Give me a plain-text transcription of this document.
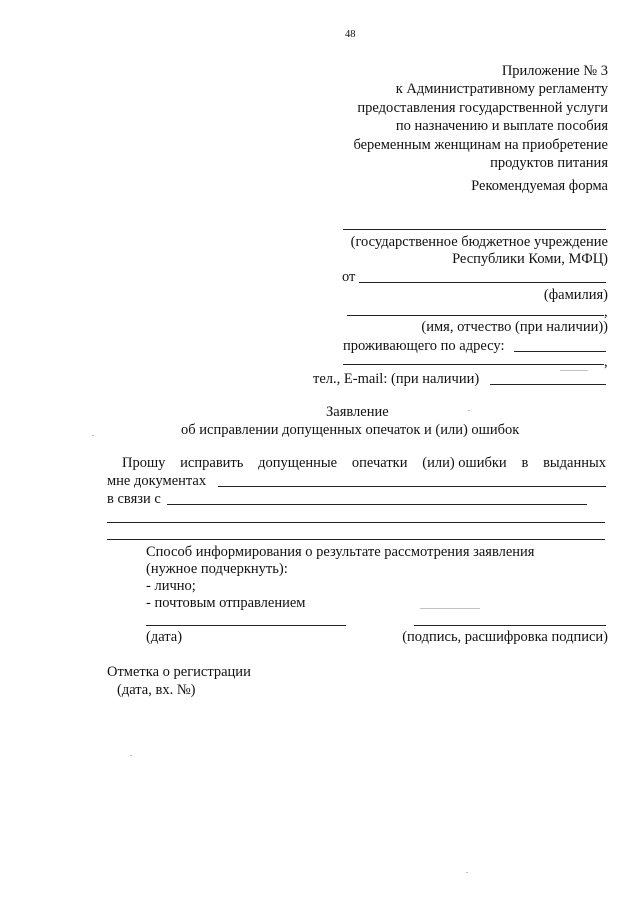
48
Приложение № 3
к Административному регламенту
предоставления государственной услуги
по назначению и выплате пособия
беременным женщинам на приобретение
продуктов питания
Рекомендуемая форма
(государственное бюджетное учреждение
Республики Коми, МФЦ)
от
(фамилия)
,
(имя, отчество (при наличии))
проживающего по адресу:
,
тел., E-mail: (при наличии)
Заявление
об исправлении допущенных опечаток и (или) ошибок
Прошу исправить допущенные опечатки (или) ошибки в выданных
мне документах
в связи с
Способ информирования о результате рассмотрения заявления
(нужное подчеркнуть):
- лично;
- почтовым отправлением
(дата)	(подпись, расшифровка подписи)
Отметка о регистрации
(дата, вх. №)
